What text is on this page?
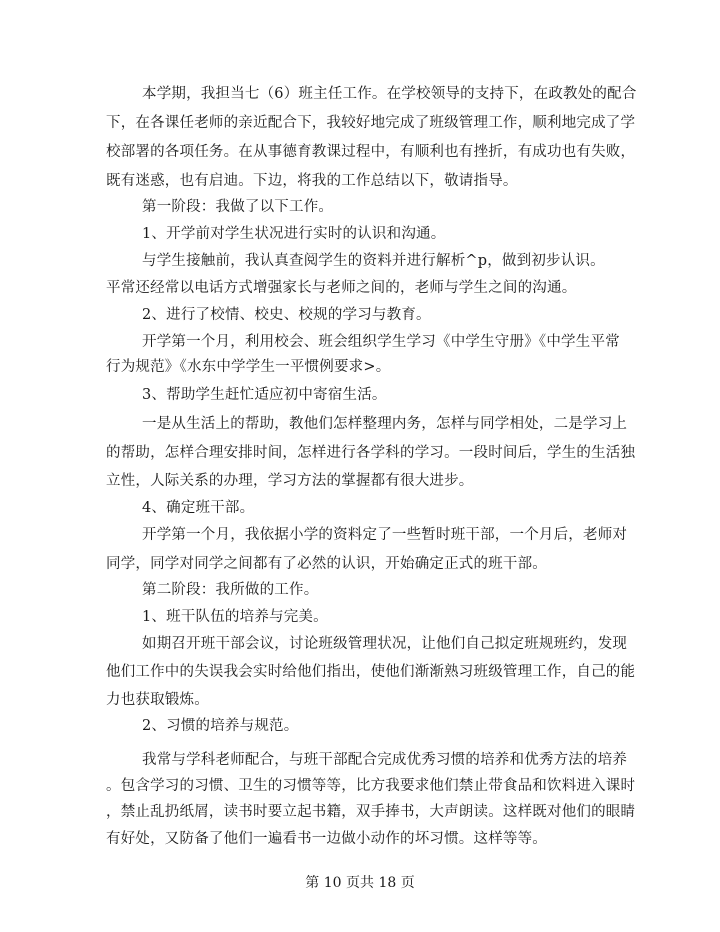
本学期，我担当七（6）班主任工作。在学校领导的支持下，在政教处的配合
下，在各课任老师的亲近配合下，我较好地完成了班级管理工作，顺利地完成了学
校部署的各项任务。在从事德育教课过程中，有顺利也有挫折，有成功也有失败，
既有迷惑，也有启迪。下边，将我的工作总结以下，敬请指导。
第一阶段：我做了以下工作。
1、开学前对学生状况进行实时的认识和沟通。
与学生接触前，我认真查阅学生的资料并进行解析^p，做到初步认识。
平常还经常以电话方式增强家长与老师之间的，老师与学生之间的沟通。
2、进行了校情、校史、校规的学习与教育。
开学第一个月，利用校会、班会组织学生学习《中学生守册》《中学生平常
行为规范》《水东中学学生一平惯例要求>。
3、帮助学生赶忙适应初中寄宿生活。
一是从生活上的帮助，教他们怎样整理内务，怎样与同学相处，二是学习上
的帮助，怎样合理安排时间，怎样进行各学科的学习。一段时间后，学生的生活独
立性，人际关系的办理，学习方法的掌握都有很大进步。
4、确定班干部。
开学第一个月，我依据小学的资料定了一些暂时班干部，一个月后，老师对
同学，同学对同学之间都有了必然的认识，开始确定正式的班干部。
第二阶段：我所做的工作。
1、班干队伍的培养与完美。
如期召开班干部会议，讨论班级管理状况，让他们自己拟定班规班约，发现
他们工作中的失误我会实时给他们指出，使他们渐渐熟习班级管理工作，自己的能
力也获取锻炼。
2、习惯的培养与规范。
我常与学科老师配合，与班干部配合完成优秀习惯的培养和优秀方法的培养
。包含学习的习惯、卫生的习惯等等，比方我要求他们禁止带食品和饮料进入课时
，禁止乱扔纸屑，读书时要立起书籍，双手捧书，大声朗读。这样既对他们的眼睛
有好处，又防备了他们一遍看书一边做小动作的坏习惯。这样等等。
第 10 页共 18 页
